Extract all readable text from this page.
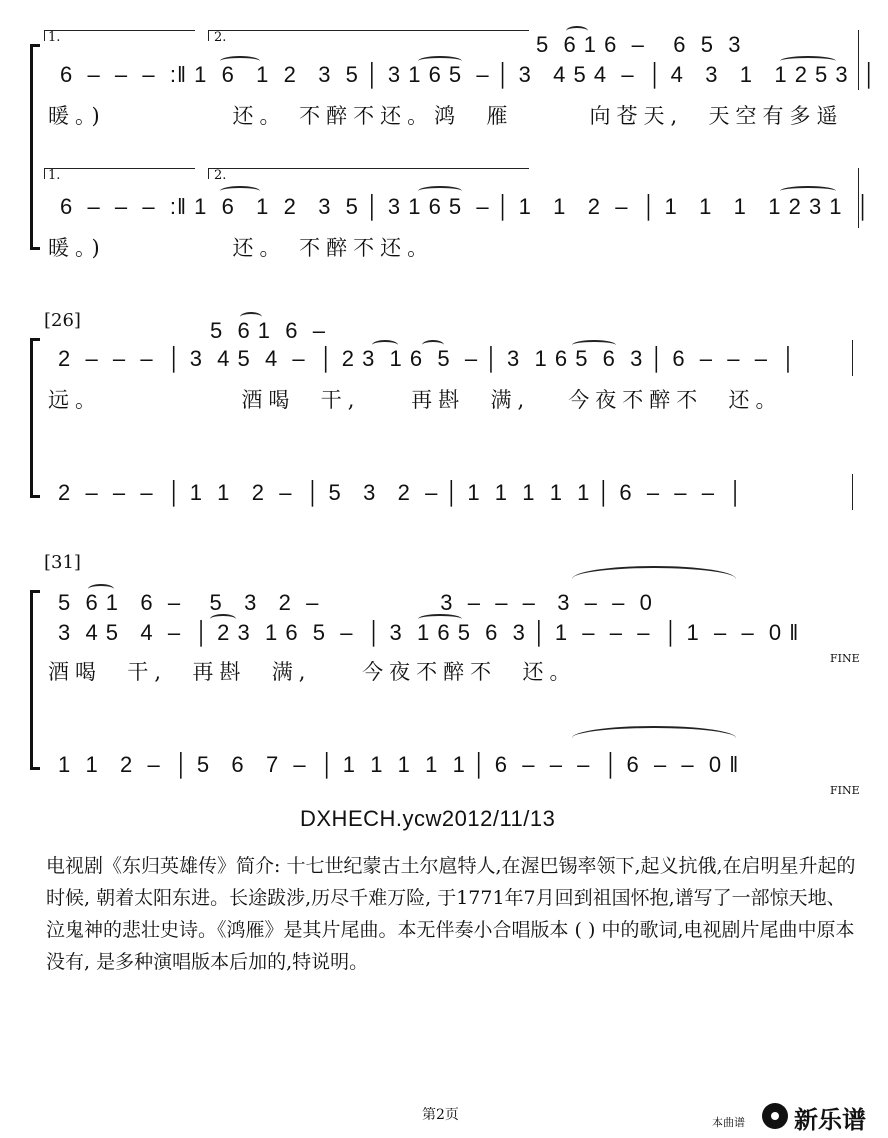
1.	2.	5  6 1 6  –    6  5  3
6  –  –  –  :‖ 1  6   1  2   3  5 │ 3 1 6 5  – │ 3   4 5 4  –  │ 4   3   1   1 2 5 3  │
暖。)          还。 不醉不还。鸿  雁      向苍天,  天空有多遥
1.	2.
6  –  –  –  :‖ 1  6   1  2   3  5 │ 3 1 6 5  – │ 1   1   2  –  │ 1   1   1   1 2 3 1  │
暖。)          还。 不醉不还。
[26]	5  6 1  6  –
2  –  –  –  │ 3  4 5  4  –  │ 2 3  1 6  5  – │ 3  1 6 5  6  3 │ 6  –  –  –  │
远。           酒喝  干,    再斟  满,   今夜不醉不  还。
2  –  –  –  │ 1  1   2  –  │ 5   3   2  – │ 1  1  1  1  1 │ 6  –  –  –  │
[31]
5  6 1   6  –    5   3   2  –                 3  –  –  –   3  –  –  0
3  4 5   4  –  │ 2 3  1 6  5  –  │ 3  1 6 5  6  3 │ 1  –  –  –  │ 1  –  –  0 ‖
FINE
酒喝  干,  再斟  满,    今夜不醉不  还。
1  1   2  –  │ 5   6   7  –  │ 1  1  1  1  1 │ 6  –  –  –  │ 6  –  –  0 ‖
FINE
DXHECH.ycw2012/11/13
电视剧《东归英雄传》简介: 十七世纪蒙古土尔扈特人,在渥巴锡率领下,起义抗俄,在启明星升起的时候, 朝着太阳东进。长途跋涉,历尽千难万险, 于1771年7月回到祖国怀抱,谱写了一部惊天地、泣鬼神的悲壮史诗。《鸿雁》是其片尾曲。本无伴奏小合唱版本 ( ) 中的歌词,电视剧片尾曲中原本没有, 是多种演唱版本后加的,特说明。
第2页	本曲谱 新乐谱
